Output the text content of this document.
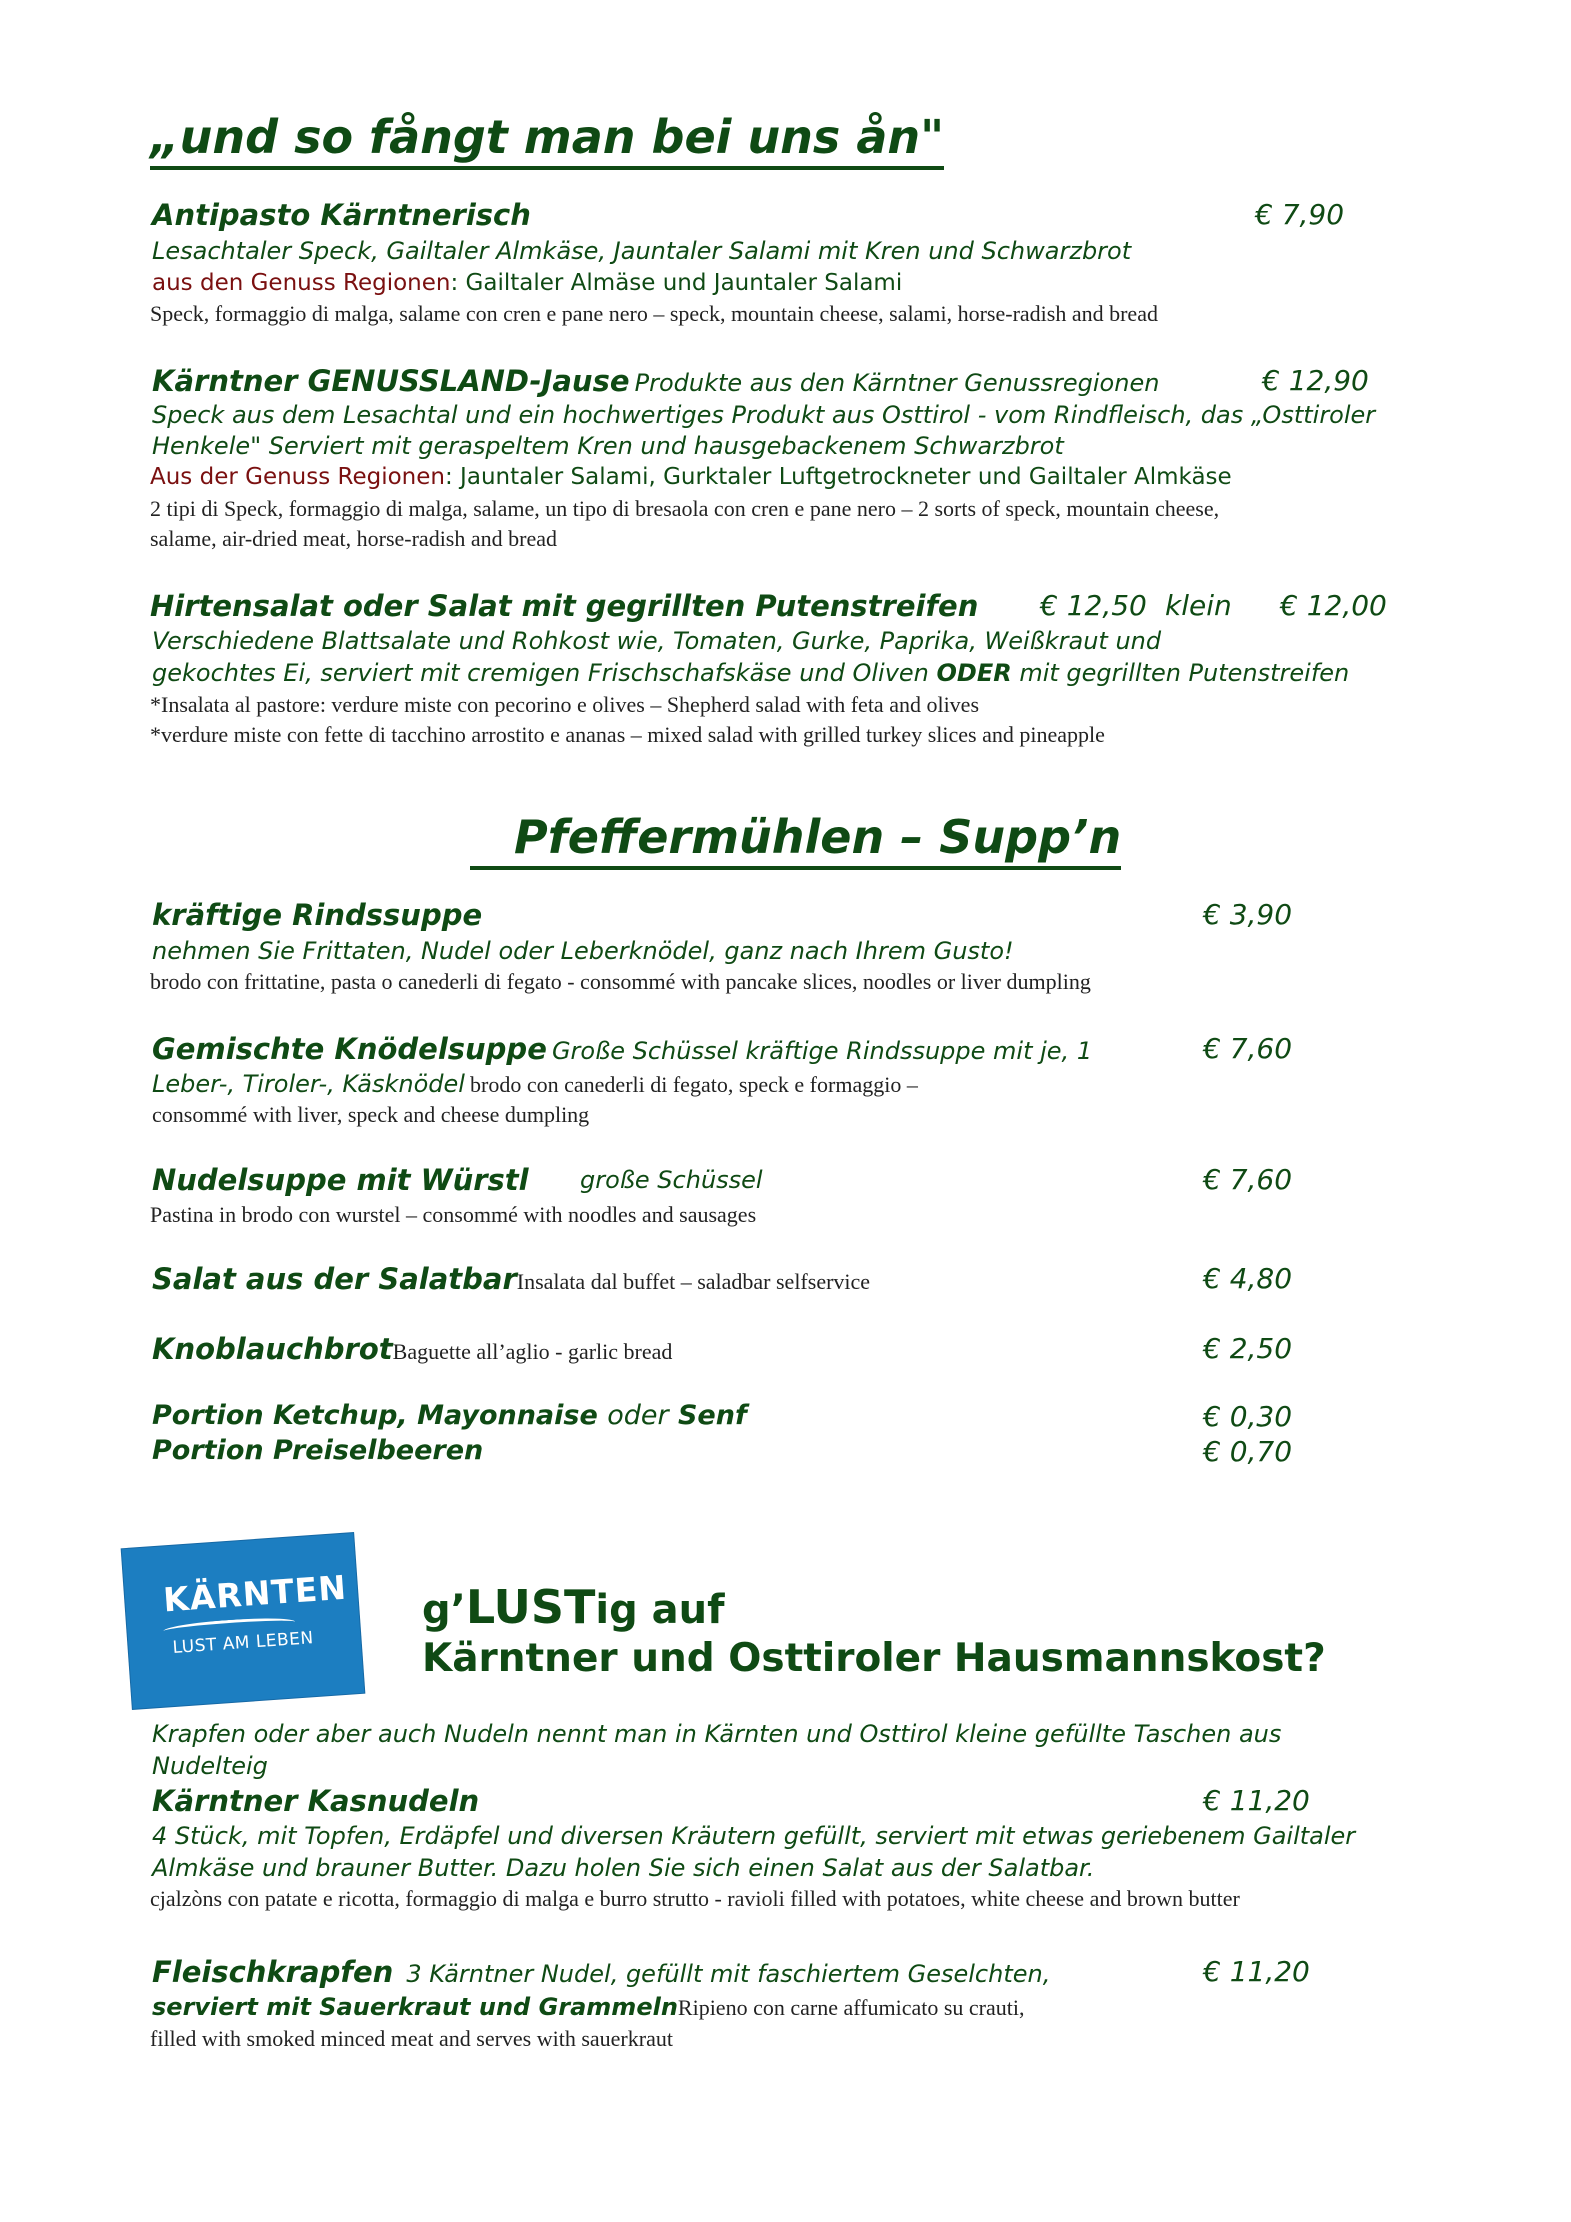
„und so fångt man bei uns ån"
Antipasto Kärntnerisch	€ 7,90
Lesachtaler Speck, Gailtaler Almkäse, Jauntaler Salami mit Kren und Schwarzbrot
aus den Genuss Regionen: Gailtaler Almäse und Jauntaler Salami
Speck, formaggio di malga, salame con cren e pane nero – speck, mountain cheese, salami, horse-radish and bread
Kärntner GENUSSLAND-Jause Produkte aus den Kärntner Genussregionen	€ 12,90
Speck aus dem Lesachtal und ein hochwertiges Produkt aus Osttirol - vom Rindfleisch, das „Osttiroler
Henkele" Serviert mit geraspeltem Kren und hausgebackenem Schwarzbrot
Aus der Genuss Regionen: Jauntaler Salami, Gurktaler Luftgetrockneter und Gailtaler Almkäse
2 tipi di Speck, formaggio di malga, salame, un tipo di bresaola con cren e pane nero – 2 sorts of speck, mountain cheese,
salame, air-dried meat, horse-radish and bread
Hirtensalat oder Salat mit gegrillten Putenstreifen € 12,50 klein € 12,00
Verschiedene Blattsalate und Rohkost wie, Tomaten, Gurke, Paprika, Weißkraut und
gekochtes Ei, serviert mit cremigen Frischschafskäse und Oliven ODER mit gegrillten Putenstreifen
*Insalata al pastore: verdure miste con pecorino e olives – Shepherd salad with feta and olives
*verdure miste con fette di tacchino arrostito e ananas – mixed salad with grilled turkey slices and pineapple
Pfeffermühlen – Supp’n
kräftige Rindssuppe	€ 3,90
nehmen Sie Frittaten, Nudel oder Leberknödel, ganz nach Ihrem Gusto!
brodo con frittatine, pasta o canederli di fegato - consommé with pancake slices, noodles or liver dumpling
Gemischte Knödelsuppe Große Schüssel kräftige Rindssuppe mit je, 1	€ 7,60
Leber-, Tiroler-, Käsknödel brodo con canederli di fegato, speck e formaggio –
consommé with liver, speck and cheese dumpling
Nudelsuppe mit Würstl große Schüssel	€ 7,60
Pastina in brodo con wurstel – consommé with noodles and sausages
Salat aus der SalatbarInsalata dal buffet – saladbar selfservice	€ 4,80
KnoblauchbrotBaguette all’aglio - garlic bread	€ 2,50
Portion Ketchup, Mayonnaise oder Senf	€ 0,30
Portion Preiselbeeren	€ 0,70
KÄRNTEN
LUST AM LEBEN
g’LUSTig auf
Kärntner und Osttiroler Hausmannskost?
Krapfen oder aber auch Nudeln nennt man in Kärnten und Osttirol kleine gefüllte Taschen aus
Nudelteig
Kärntner Kasnudeln	€ 11,20
4 Stück, mit Topfen, Erdäpfel und diversen Kräutern gefüllt, serviert mit etwas geriebenem Gailtaler
Almkäse und brauner Butter. Dazu holen Sie sich einen Salat aus der Salatbar.
cjalzòns con patate e ricotta, formaggio di malga e burro strutto - ravioli filled with potatoes, white cheese and brown butter
Fleischkrapfen 3 Kärntner Nudel, gefüllt mit faschiertem Geselchten,	€ 11,20
serviert mit Sauerkraut und GrammelnRipieno con carne affumicato su crauti,
filled with smoked minced meat and serves with sauerkraut
